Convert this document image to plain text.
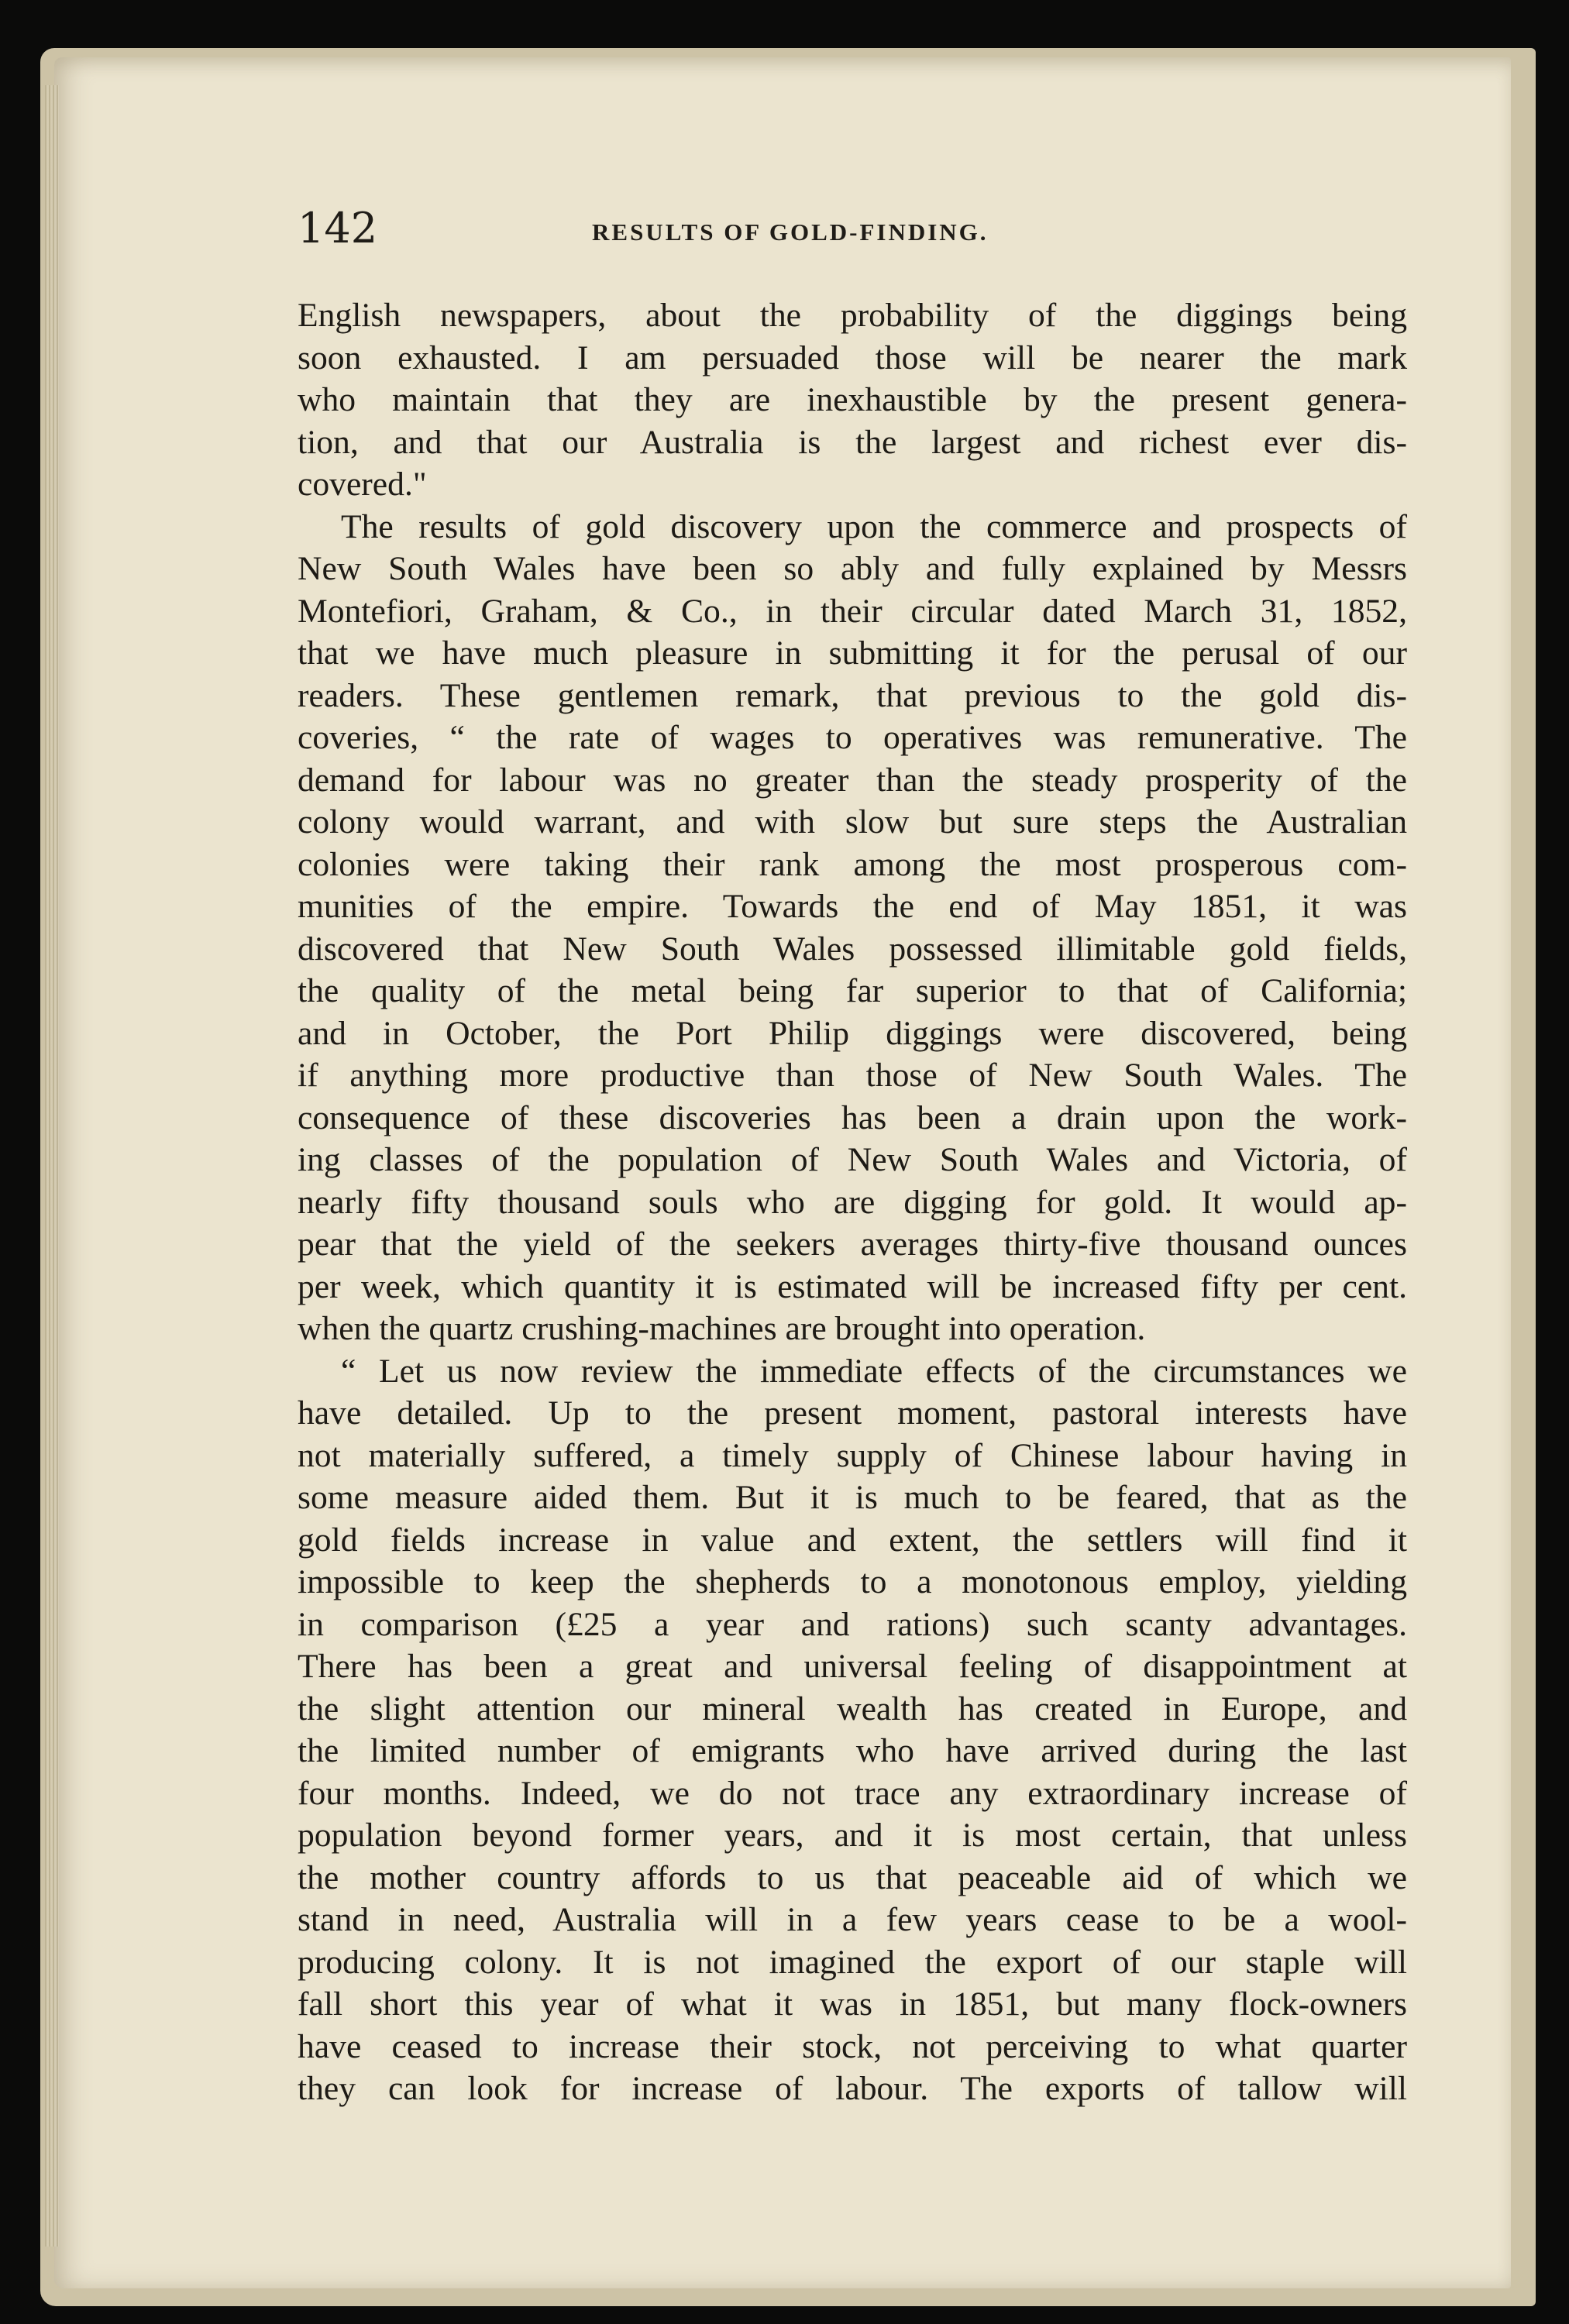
142	RESULTS OF GOLD-FINDING.
English newspapers, about the probability of the diggings being
soon exhausted. I am persuaded those will be nearer the mark
who maintain that they are inexhaustible by the present genera-
tion, and that our Australia is the largest and richest ever dis-
covered."
The results of gold discovery upon the commerce and prospects of
New South Wales have been so ably and fully explained by Messrs
Montefiori, Graham, & Co., in their circular dated March 31, 1852,
that we have much pleasure in submitting it for the perusal of our
readers. These gentlemen remark, that previous to the gold dis-
coveries, “ the rate of wages to operatives was remunerative. The
demand for labour was no greater than the steady prosperity of the
colony would warrant, and with slow but sure steps the Australian
colonies were taking their rank among the most prosperous com-
munities of the empire. Towards the end of May 1851, it was
discovered that New South Wales possessed illimitable gold fields,
the quality of the metal being far superior to that of California;
and in October, the Port Philip diggings were discovered, being
if anything more productive than those of New South Wales. The
consequence of these discoveries has been a drain upon the work-
ing classes of the population of New South Wales and Victoria, of
nearly fifty thousand souls who are digging for gold. It would ap-
pear that the yield of the seekers averages thirty-five thousand ounces
per week, which quantity it is estimated will be increased fifty per cent.
when the quartz crushing-machines are brought into operation.
“ Let us now review the immediate effects of the circumstances we
have detailed. Up to the present moment, pastoral interests have
not materially suffered, a timely supply of Chinese labour having in
some measure aided them. But it is much to be feared, that as the
gold fields increase in value and extent, the settlers will find it
impossible to keep the shepherds to a monotonous employ, yielding
in comparison (£25 a year and rations) such scanty advantages.
There has been a great and universal feeling of disappointment at
the slight attention our mineral wealth has created in Europe, and
the limited number of emigrants who have arrived during the last
four months. Indeed, we do not trace any extraordinary increase of
population beyond former years, and it is most certain, that unless
the mother country affords to us that peaceable aid of which we
stand in need, Australia will in a few years cease to be a wool-
producing colony. It is not imagined the export of our staple will
fall short this year of what it was in 1851, but many flock-owners
have ceased to increase their stock, not perceiving to what quarter
they can look for increase of labour. The exports of tallow will
